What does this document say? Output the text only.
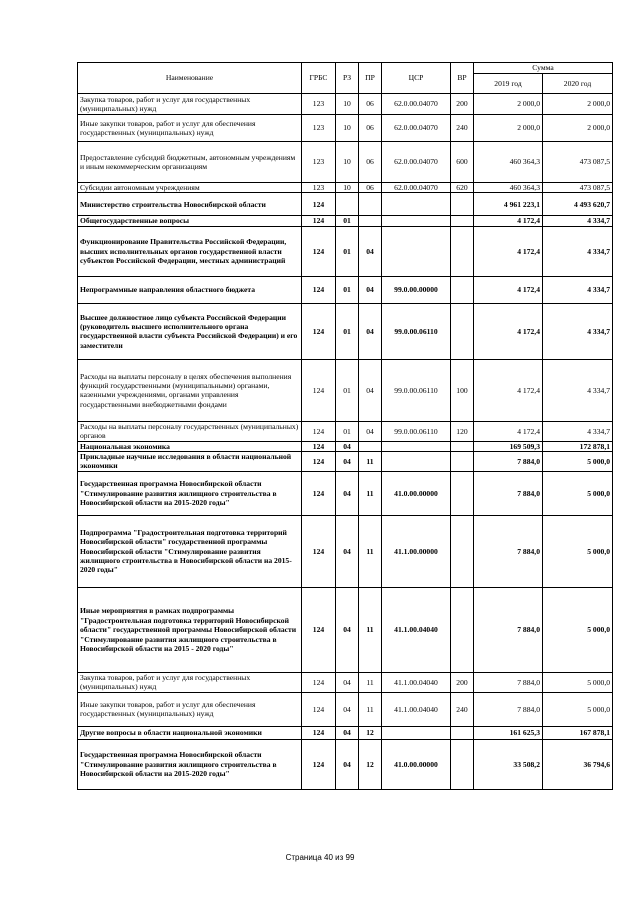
Наименование	ГРБС	РЗ	ПР	ЦСР	ВР	Сумма	
						2019 год	2020 год
Закупка товаров, работ и услуг для государственных (муниципальных) нужд	123	10	06	62.0.00.04070	200	2 000,0	2 000,0
Иные закупки товаров, работ и услуг для обеспечения государственных (муниципальных) нужд	123	10	06	62.0.00.04070	240	2 000,0	2 000,0
Предоставление субсидий бюджетным, автономным учреждениям и иным некоммерческим организациям	123	10	06	62.0.00.04070	600	460 364,3	473 087,5
Субсидии автономным учреждениям	123	10	06	62.0.00.04070	620	460 364,3	473 087,5
Министерство строительства Новосибирской области	124					4 961 223,1	4 493 620,7
Общегосударственные вопросы	124	01				4 172,4	4 334,7
Функционирование Правительства Российской Федерации, высших исполнительных органов государственной власти субъектов Российской Федерации, местных администраций	124	01	04			4 172,4	4 334,7
Непрограммные направления областного бюджета	124	01	04	99.0.00.00000		4 172,4	4 334,7
Высшее должностное лицо субъекта Российской Федерации (руководитель высшего исполнительного органа государственной власти субъекта Российской Федерации) и его заместители	124	01	04	99.0.00.06110		4 172,4	4 334,7
Расходы на выплаты персоналу в целях обеспечения выполнения функций государственными (муниципальными) органами, казенными учреждениями, органами управления государственными внебюджетными фондами	124	01	04	99.0.00.06110	100	4 172,4	4 334,7
Расходы на выплаты персоналу государственных (муниципальных) органов	124	01	04	99.0.00.06110	120	4 172,4	4 334,7
Национальная экономика	124	04				169 509,3	172 878,1
Прикладные научные исследования в области национальной экономики	124	04	11			7 884,0	5 000,0
Государственная программа Новосибирской области "Стимулирование развития жилищного строительства в Новосибирской области на 2015-2020 годы"	124	04	11	41.0.00.00000		7 884,0	5 000,0
Подпрограмма "Градостроительная подготовка территорий Новосибирской области" государственной программы Новосибирской области "Стимулирование развития жилищного строительства в Новосибирской области на 2015-2020 годы"	124	04	11	41.1.00.00000		7 884,0	5 000,0
Иные мероприятия в рамках подпрограммы "Градостроительная подготовка территорий Новосибирской области" государственной программы Новосибирской области "Стимулирование развития жилищного строительства в Новосибирской области на 2015 - 2020 годы"	124	04	11	41.1.00.04040		7 884,0	5 000,0
Закупка товаров, работ и услуг для государственных (муниципальных) нужд	124	04	11	41.1.00.04040	200	7 884,0	5 000,0
Иные закупки товаров, работ и услуг для обеспечения государственных (муниципальных) нужд	124	04	11	41.1.00.04040	240	7 884,0	5 000,0
Другие вопросы в области национальной экономики	124	04	12			161 625,3	167 878,1
Государственная программа Новосибирской области "Стимулирование развития жилищного строительства в Новосибирской области на 2015-2020 годы"	124	04	12	41.0.00.00000		33 508,2	36 794,6
Страница 40 из 99
